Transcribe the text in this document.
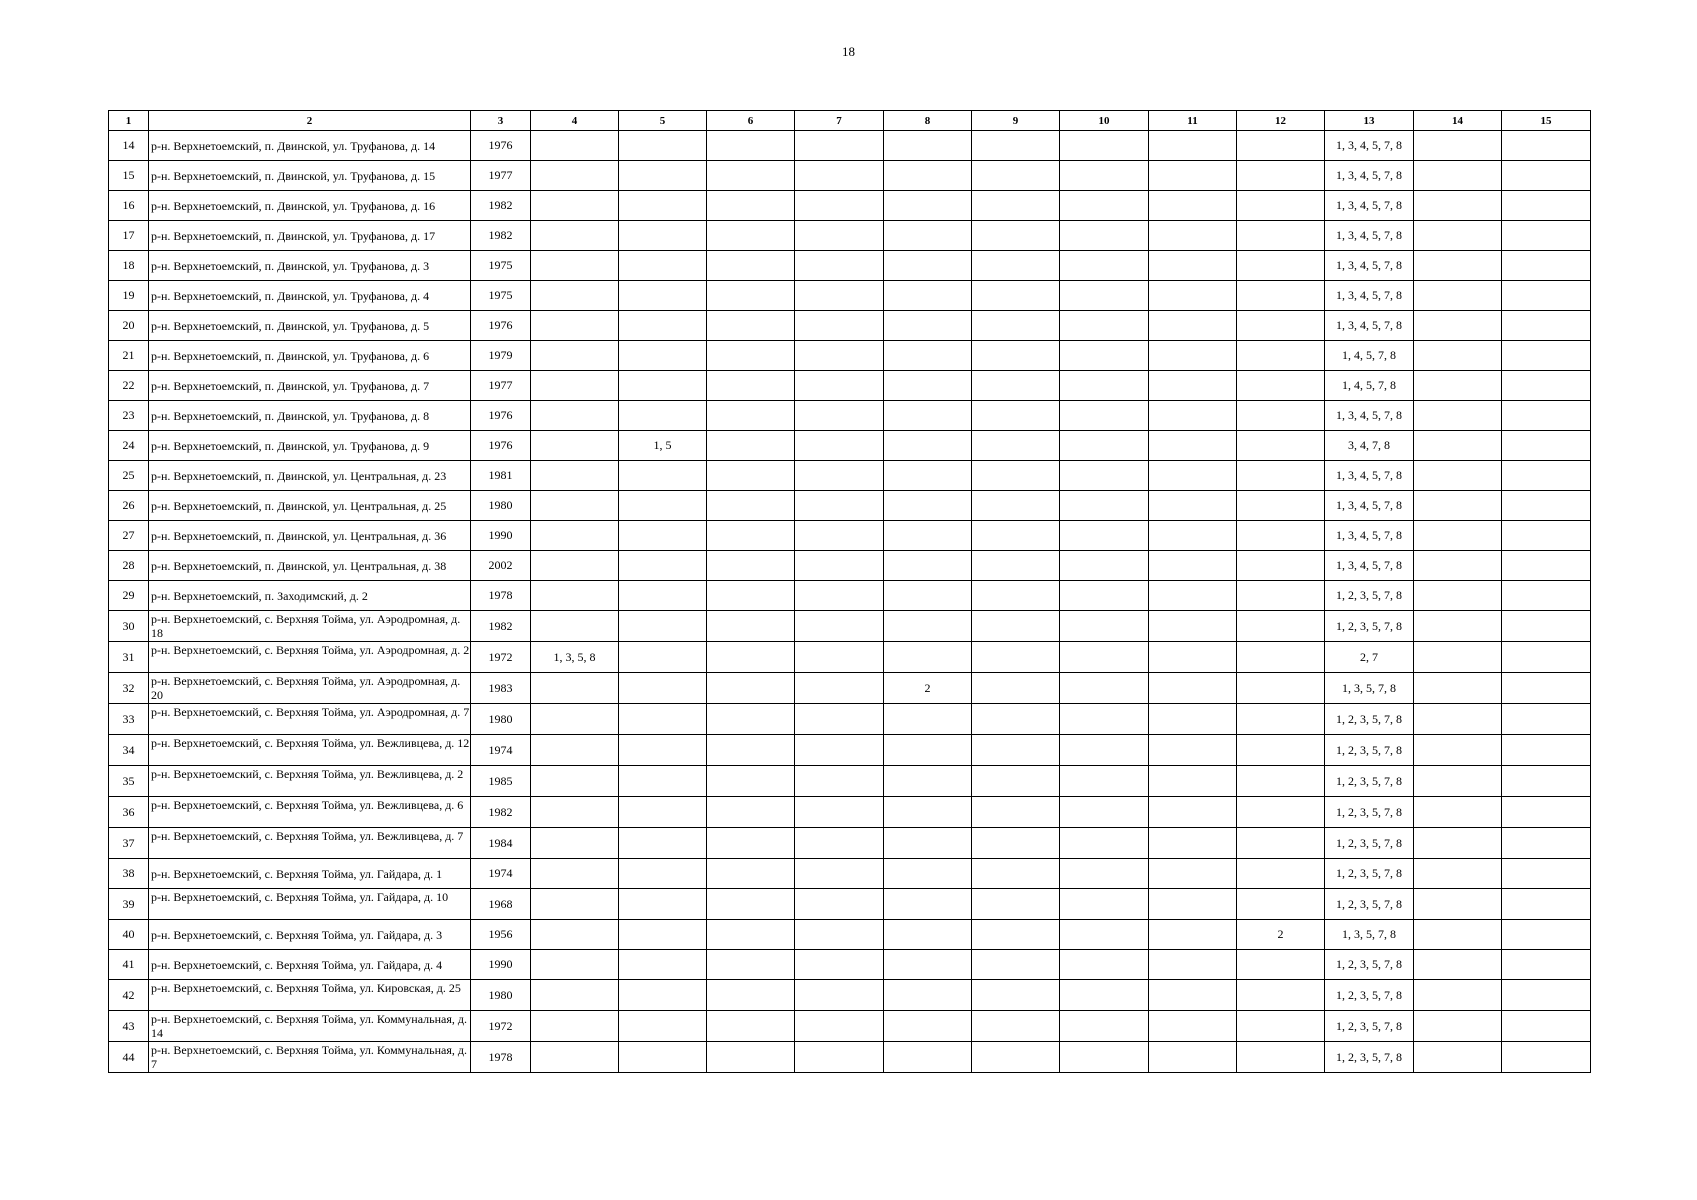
18
1	2	3	4	5	6	7	8	9	10	11	12	13	14	15
14	р-н. Верхнетоемский, п. Двинской, ул. Труфанова, д. 14	1976										1, 3, 4, 5, 7, 8		
15	р-н. Верхнетоемский, п. Двинской, ул. Труфанова, д. 15	1977										1, 3, 4, 5, 7, 8		
16	р-н. Верхнетоемский, п. Двинской, ул. Труфанова, д. 16	1982										1, 3, 4, 5, 7, 8		
17	р-н. Верхнетоемский, п. Двинской, ул. Труфанова, д. 17	1982										1, 3, 4, 5, 7, 8		
18	р-н. Верхнетоемский, п. Двинской, ул. Труфанова, д. 3	1975										1, 3, 4, 5, 7, 8		
19	р-н. Верхнетоемский, п. Двинской, ул. Труфанова, д. 4	1975										1, 3, 4, 5, 7, 8		
20	р-н. Верхнетоемский, п. Двинской, ул. Труфанова, д. 5	1976										1, 3, 4, 5, 7, 8		
21	р-н. Верхнетоемский, п. Двинской, ул. Труфанова, д. 6	1979										1, 4, 5, 7, 8		
22	р-н. Верхнетоемский, п. Двинской, ул. Труфанова, д. 7	1977										1, 4, 5, 7, 8		
23	р-н. Верхнетоемский, п. Двинской, ул. Труфанова, д. 8	1976										1, 3, 4, 5, 7, 8		
24	р-н. Верхнетоемский, п. Двинской, ул. Труфанова, д. 9	1976		1, 5								3, 4, 7, 8		
25	р-н. Верхнетоемский, п. Двинской, ул. Центральная, д. 23	1981										1, 3, 4, 5, 7, 8		
26	р-н. Верхнетоемский, п. Двинской, ул. Центральная, д. 25	1980										1, 3, 4, 5, 7, 8		
27	р-н. Верхнетоемский, п. Двинской, ул. Центральная, д. 36	1990										1, 3, 4, 5, 7, 8		
28	р-н. Верхнетоемский, п. Двинской, ул. Центральная, д. 38	2002										1, 3, 4, 5, 7, 8		
29	р-н. Верхнетоемский, п. Заходимский, д. 2	1978										1, 2, 3, 5, 7, 8		
30	р-н. Верхнетоемский, с. Верхняя Тойма, ул. Аэродромная, д. 18	1982										1, 2, 3, 5, 7, 8		
31	р-н. Верхнетоемский, с. Верхняя Тойма, ул. Аэродромная, д. 2	1972	1, 3, 5, 8									2, 7		
32	р-н. Верхнетоемский, с. Верхняя Тойма, ул. Аэродромная, д. 20	1983					2					1, 3, 5, 7, 8		
33	р-н. Верхнетоемский, с. Верхняя Тойма, ул. Аэродромная, д. 7	1980										1, 2, 3, 5, 7, 8		
34	р-н. Верхнетоемский, с. Верхняя Тойма, ул. Вежливцева, д. 12	1974										1, 2, 3, 5, 7, 8		
35	р-н. Верхнетоемский, с. Верхняя Тойма, ул. Вежливцева, д. 2	1985										1, 2, 3, 5, 7, 8		
36	р-н. Верхнетоемский, с. Верхняя Тойма, ул. Вежливцева, д. 6	1982										1, 2, 3, 5, 7, 8		
37	р-н. Верхнетоемский, с. Верхняя Тойма, ул. Вежливцева, д. 7	1984										1, 2, 3, 5, 7, 8		
38	р-н. Верхнетоемский, с. Верхняя Тойма, ул. Гайдара, д. 1	1974										1, 2, 3, 5, 7, 8		
39	р-н. Верхнетоемский, с. Верхняя Тойма, ул. Гайдара, д. 10	1968										1, 2, 3, 5, 7, 8		
40	р-н. Верхнетоемский, с. Верхняя Тойма, ул. Гайдара, д. 3	1956									2	1, 3, 5, 7, 8		
41	р-н. Верхнетоемский, с. Верхняя Тойма, ул. Гайдара, д. 4	1990										1, 2, 3, 5, 7, 8		
42	р-н. Верхнетоемский, с. Верхняя Тойма, ул. Кировская, д. 25	1980										1, 2, 3, 5, 7, 8		
43	р-н. Верхнетоемский, с. Верхняя Тойма, ул. Коммунальная, д. 14	1972										1, 2, 3, 5, 7, 8		
44	р-н. Верхнетоемский, с. Верхняя Тойма, ул. Коммунальная, д. 7	1978										1, 2, 3, 5, 7, 8		
